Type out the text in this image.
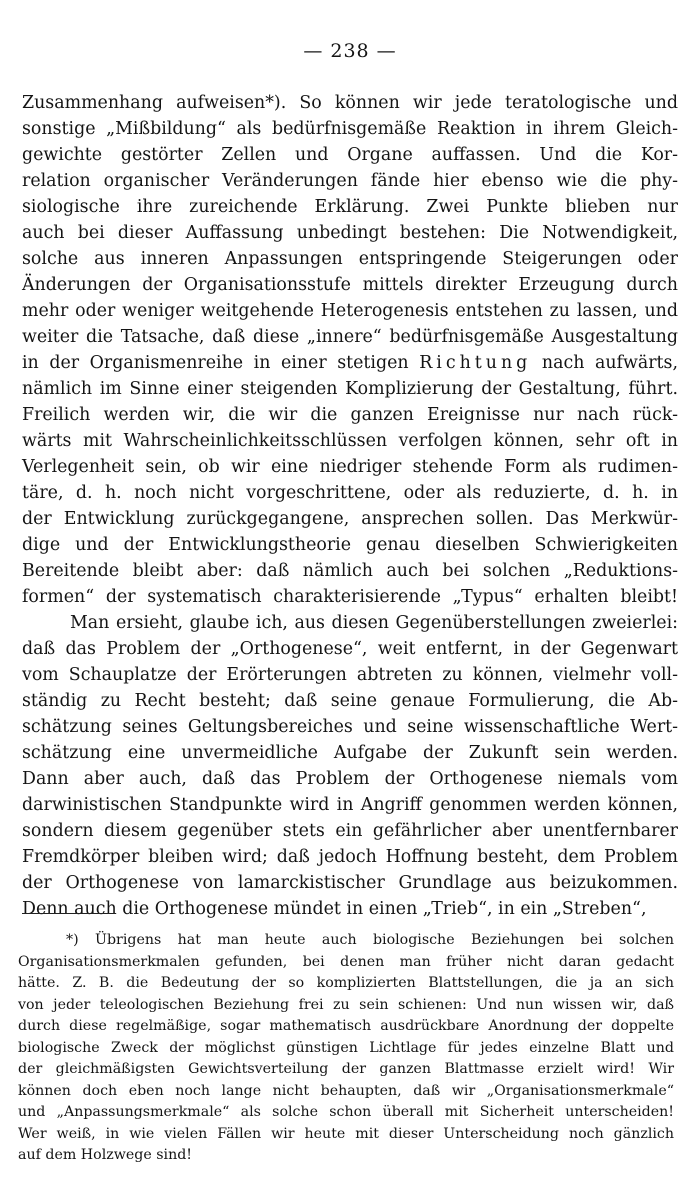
— 238 —
Zusammenhang aufweisen*). So können wir jede teratologische und
sonstige „Mißbildung“ als bedürfnisgemäße Reaktion in ihrem Gleich-
gewichte gestörter Zellen und Organe auffassen. Und die Kor-
relation organischer Veränderungen fände hier ebenso wie die phy-
siologische ihre zureichende Erklärung. Zwei Punkte blieben nur
auch bei dieser Auffassung unbedingt bestehen: Die Notwendigkeit,
solche aus inneren Anpassungen entspringende Steigerungen oder
Änderungen der Organisationsstufe mittels direkter Erzeugung durch
mehr oder weniger weitgehende Heterogenesis entstehen zu lassen, und
weiter die Tatsache, daß diese „innere“ bedürfnisgemäße Ausgestaltung
in der Organismenreihe in einer stetigen Richtung nach aufwärts,
nämlich im Sinne einer steigenden Komplizierung der Gestaltung, führt.
Freilich werden wir, die wir die ganzen Ereignisse nur nach rück-
wärts mit Wahrscheinlichkeitsschlüssen verfolgen können, sehr oft in
Verlegenheit sein, ob wir eine niedriger stehende Form als rudimen-
täre, d. h. noch nicht vorgeschrittene, oder als reduzierte, d. h. in
der Entwicklung zurückgegangene, ansprechen sollen. Das Merkwür-
dige und der Entwicklungstheorie genau dieselben Schwierigkeiten
Bereitende bleibt aber: daß nämlich auch bei solchen „Reduktions-
formen“ der systematisch charakterisierende „Typus“ erhalten bleibt!
Man ersieht, glaube ich, aus diesen Gegenüberstellungen zweierlei:
daß das Problem der „Orthogenese“, weit entfernt, in der Gegenwart
vom Schauplatze der Erörterungen abtreten zu können, vielmehr voll-
ständig zu Recht besteht; daß seine genaue Formulierung, die Ab-
schätzung seines Geltungsbereiches und seine wissenschaftliche Wert-
schätzung eine unvermeidliche Aufgabe der Zukunft sein werden.
Dann aber auch, daß das Problem der Orthogenese niemals vom
darwinistischen Standpunkte wird in Angriff genommen werden können,
sondern diesem gegenüber stets ein gefährlicher aber unentfernbarer
Fremdkörper bleiben wird; daß jedoch Hoffnung besteht, dem Problem
der Orthogenese von lamarckistischer Grundlage aus beizukommen.
Denn auch die Orthogenese mündet in einen „Trieb“, in ein „Streben“,
*) Übrigens hat man heute auch biologische Beziehungen bei solchen
Organisationsmerkmalen gefunden, bei denen man früher nicht daran gedacht
hätte. Z. B. die Bedeutung der so komplizierten Blattstellungen, die ja an sich
von jeder teleologischen Beziehung frei zu sein schienen: Und nun wissen wir, daß
durch diese regelmäßige, sogar mathematisch ausdrückbare Anordnung der doppelte
biologische Zweck der möglichst günstigen Lichtlage für jedes einzelne Blatt und
der gleichmäßigsten Gewichtsverteilung der ganzen Blattmasse erzielt wird! Wir
können doch eben noch lange nicht behaupten, daß wir „Organisationsmerkmale“
und „Anpassungsmerkmale“ als solche schon überall mit Sicherheit unterscheiden!
Wer weiß, in wie vielen Fällen wir heute mit dieser Unterscheidung noch gänzlich
auf dem Holzwege sind!
